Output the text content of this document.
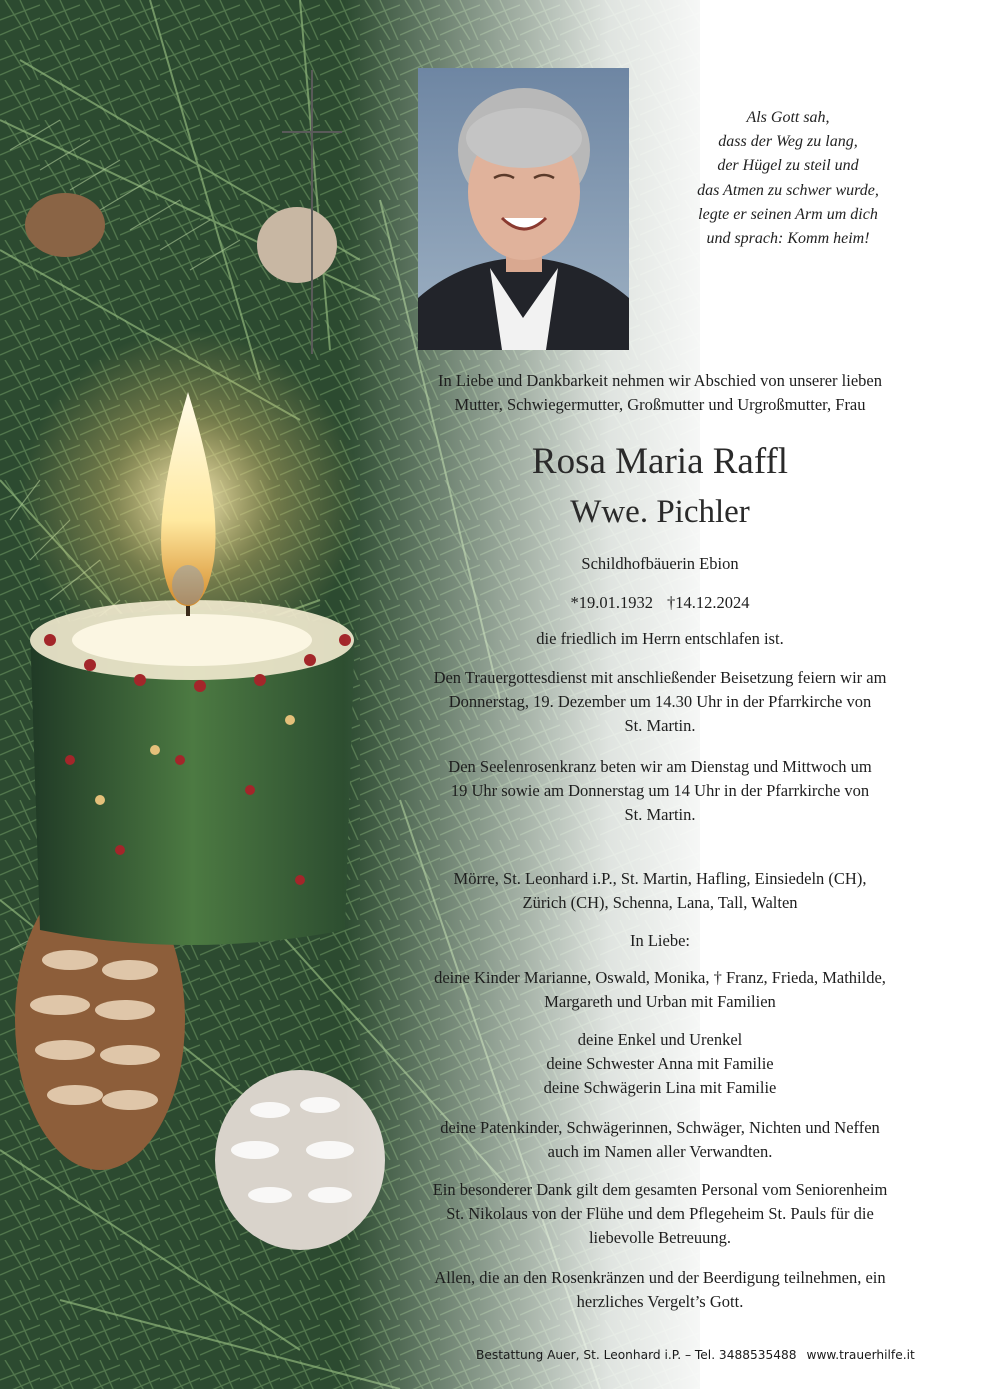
Als Gott sah,
dass der Weg zu lang,
der Hügel zu steil und
das Atmen zu schwer wurde,
legte er seinen Arm um dich
und sprach: Komm heim!
In Liebe und Dankbarkeit nehmen wir Abschied von unserer lieben
Mutter, Schwiegermutter, Großmutter und Urgroßmutter, Frau
Rosa Maria Raffl
Wwe. Pichler
Schildhofbäuerin Ebion
*19.01.1932 †14.12.2024
die friedlich im Herrn entschlafen ist.
Den Trauergottesdienst mit anschließender Beisetzung feiern wir am
Donnerstag, 19. Dezember um 14.30 Uhr in der Pfarrkirche von
St. Martin.
Den Seelenrosenkranz beten wir am Dienstag und Mittwoch um
19 Uhr sowie am Donnerstag um 14 Uhr in der Pfarrkirche von
St. Martin.
Mörre, St. Leonhard i.P., St. Martin, Hafling, Einsiedeln (CH),
Zürich (CH), Schenna, Lana, Tall, Walten
In Liebe:
deine Kinder Marianne, Oswald, Monika, † Franz, Frieda, Mathilde,
Margareth und Urban mit Familien
deine Enkel und Urenkel
deine Schwester Anna mit Familie
deine Schwägerin Lina mit Familie
deine Patenkinder, Schwägerinnen, Schwäger, Nichten und Neffen
auch im Namen aller Verwandten.
Ein besonderer Dank gilt dem gesamten Personal vom Seniorenheim
St. Nikolaus von der Flühe und dem Pflegeheim St. Pauls für die
liebevolle Betreuung.
Allen, die an den Rosenkränzen und der Beerdigung teilnehmen, ein
herzliches Vergelt’s Gott.
Bestattung Auer, St. Leonhard i.P. – Tel. 3488535488 www.trauerhilfe.it
